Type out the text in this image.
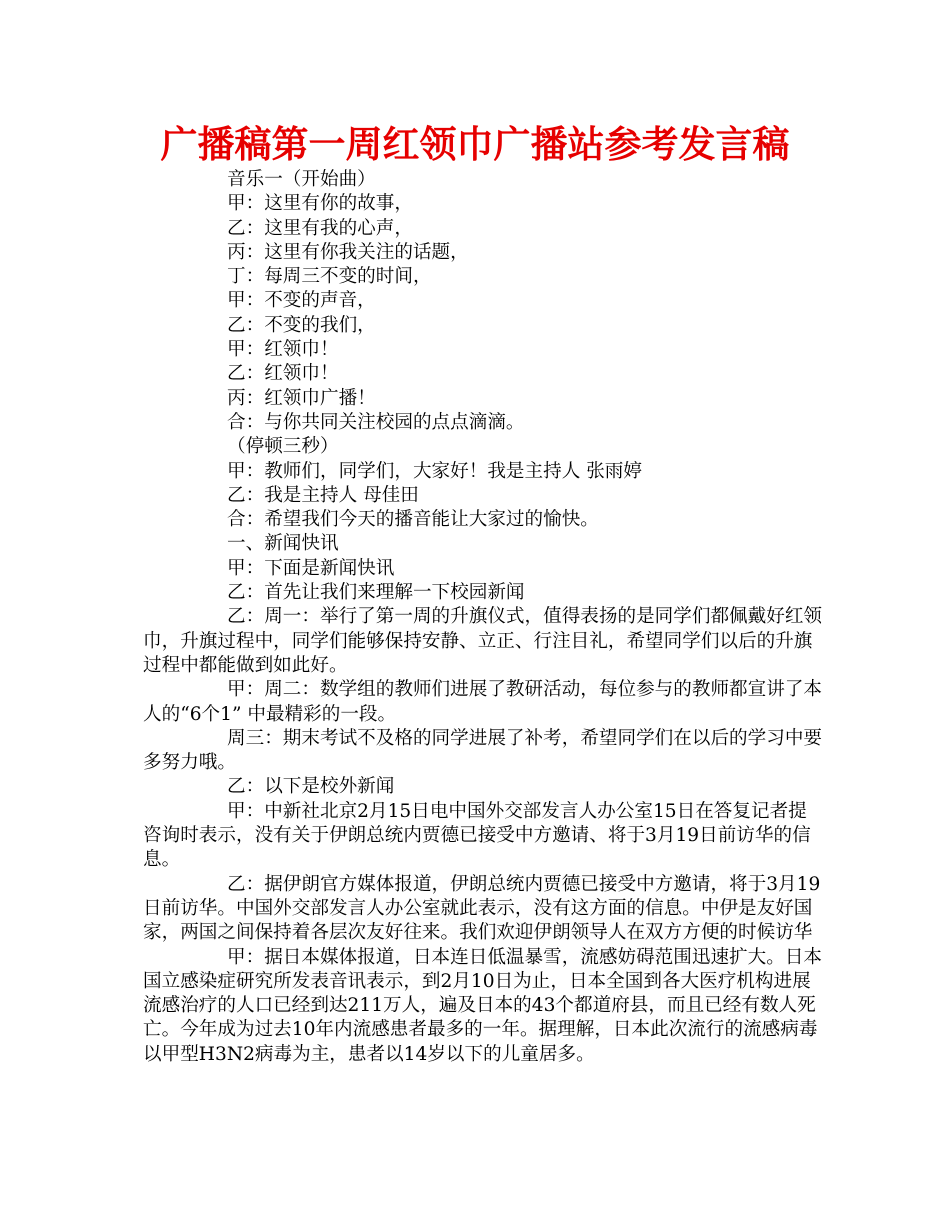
广播稿第一周红领巾广播站参考发言稿

音乐一（开始曲）

甲：这里有你的故事，

乙：这里有我的心声，

丙：这里有你我关注的话题，

丁：每周三不变的时间，

甲：不变的声音，

乙：不变的我们，

甲：红领巾！

乙：红领巾！

丙：红领巾广播！

合：与你共同关注校园的点点滴滴。

（停顿三秒）

甲：教师们，同学们，大家好！我是主持人 张雨婷

乙：我是主持人 母佳田

合：希望我们今天的播音能让大家过的愉快。

一、新闻快讯

甲：下面是新闻快讯

乙：首先让我们来理解一下校园新闻

乙：周一：举行了第一周的升旗仪式，值得表扬的是同学们都佩戴好红领巾，升旗过程中，同学们能够保持安静、立正、行注目礼，希望同学们以后的升旗过程中都能做到如此好。

甲：周二：数学组的教师们进展了教研活动，每位参与的教师都宣讲了本人的“6个1” 中最精彩的一段。

周三：期末考试不及格的同学进展了补考，希望同学们在以后的学习中要多努力哦。

乙：以下是校外新闻

甲：中新社北京2月15日电中国外交部发言人办公室15日在答复记者提咨询时表示，没有关于伊朗总统内贾德已接受中方邀请、将于3月19日前访华的信息。

乙：据伊朗官方媒体报道，伊朗总统内贾德已接受中方邀请，将于3月19日前访华。中国外交部发言人办公室就此表示，没有这方面的信息。中伊是友好国家，两国之间保持着各层次友好往来。我们欢迎伊朗领导人在双方方便的时候访华

甲：据日本媒体报道，日本连日低温暴雪，流感妨碍范围迅速扩大。日本国立感染症研究所发表音讯表示，到2月10日为止，日本全国到各大医疗机构进展流感治疗的人口已经到达211万人，遍及日本的43个都道府县，而且已经有数人死亡。今年成为过去10年内流感患者最多的一年。据理解，日本此次流行的流感病毒以甲型H3N2病毒为主，患者以14岁以下的儿童居多。
